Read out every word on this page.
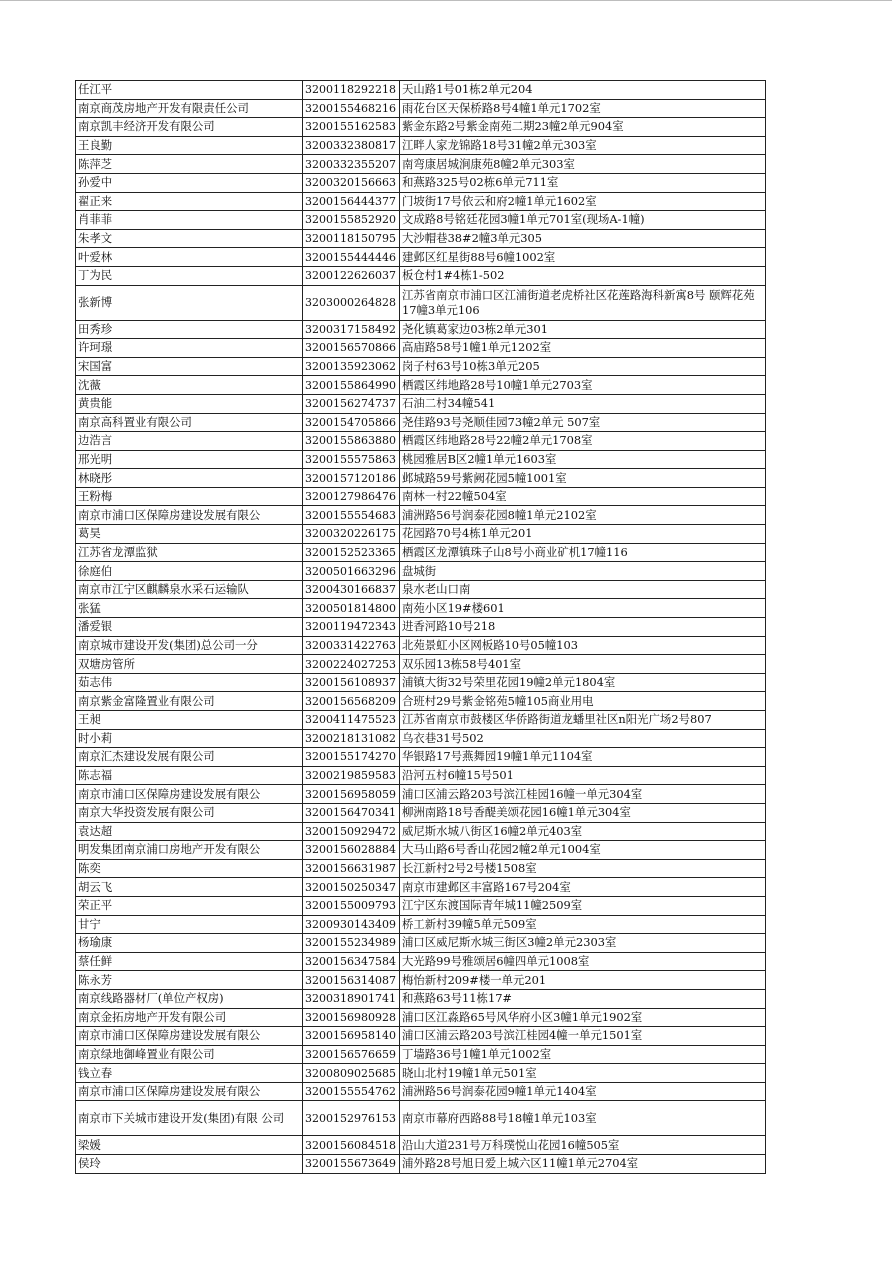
任江平	3200118292218	天山路1号01栋2单元204
南京商茂房地产开发有限责任公司	3200155468216	雨花台区天保桥路8号4幢1单元1702室
南京凯丰经济开发有限公司	3200155162583	紫金东路2号紫金南苑二期23幢2单元904室
王良勤	3200332380817	江畔人家龙锦路18号31幢2单元303室
陈萍芝	3200332355207	南弯康居城涧康苑8幢2单元303室
孙爱中	3200320156663	和燕路325号02栋6单元711室
翟正来	3200156444377	门坡街17号依云和府2幢1单元1602室
肖菲菲	3200155852920	文成路8号铭廷花园3幢1单元701室(现场A-1幢)
朱孝文	3200118150795	大沙帽巷38#2幢3单元305
叶爱林	3200155444446	建邺区红星街88号6幢1002室
丁为民	3200122626037	板仓村1#4栋1-502
张新博	3203000264828	江苏省南京市浦口区江浦街道老虎桥社区花莲路海科新寓8号 颐辉花苑17幢3单元106
田秀珍	3200317158492	尧化镇葛家边03栋2单元301
许珂璟	3200156570866	高庙路58号1幢1单元1202室
宋国富	3200135923062	岗子村63号10栋3单元205
沈薇	3200155864990	栖霞区纬地路28号10幢1单元2703室
黄贵能	3200156274737	石油二村34幢541
南京高科置业有限公司	3200154705866	尧佳路93号尧顺佳园73幢2单元 507室
边浩言	3200155863880	栖霞区纬地路28号22幢2单元1708室
邢光明	3200155575863	桃园雅居B区2幢1单元1603室
林晓彤	3200157120186	邺城路59号紫阙花园5幢1001室
王粉梅	3200127986476	南林一村22幢504室
南京市浦口区保障房建设发展有限公	3200155554683	浦洲路56号润泰花园8幢1单元2102室
葛昊	3200320226175	花园路70号4栋1单元201
江苏省龙潭监狱	3200152523365	栖霞区龙潭镇珠子山8号小商业矿机17幢116
徐庭伯	3200501663296	盘城街
南京市江宁区麒麟泉水采石运输队	3200430166837	泉水老山口南
张猛	3200501814800	南苑小区19#楼601
潘爱银	3200119472343	进香河路10号218
南京城市建设开发(集团)总公司一分	3200331422763	北苑景虹小区网板路10号05幢103
双塘房管所	3200224027253	双乐园13栋58号401室
茹志伟	3200156108937	浦镇大街32号荣里花园19幢2单元1804室
南京紫金富隆置业有限公司	3200156568209	合班村29号紫金铭苑5幢105商业用电
王昶	3200411475523	江苏省南京市鼓楼区华侨路街道龙蟠里社区n阳光广场2号807
时小莉	3200218131082	乌衣巷31号502
南京汇杰建设发展有限公司	3200155174270	华银路17号燕舞园19幢1单元1104室
陈志福	3200219859583	沿河五村6幢15号501
南京市浦口区保障房建设发展有限公	3200156958059	浦口区浦云路203号滨江桂园16幢一单元304室
南京大华投资发展有限公司	3200156470341	柳洲南路18号香醍美颂花园16幢1单元304室
袁达超	3200150929472	威尼斯水城八街区16幢2单元403室
明发集团南京浦口房地产开发有限公	3200156028884	大马山路6号香山花园2幢2单元1004室
陈奕	3200156631987	长江新村2号2号楼1508室
胡云飞	3200150250347	南京市建邺区丰富路167号204室
荣正平	3200155009793	江宁区东渡国际青年城11幢2509室
甘宁	3200930143409	桥工新村39幢5单元509室
杨瑜康	3200155234989	浦口区威尼斯水城三街区3幢2单元2303室
蔡任鲜	3200156347584	大光路99号雅颂居6幢四单元1008室
陈永芳	3200156314087	梅怡新村209#楼一单元201
南京线路器材厂(单位产权房)	3200318901741	和燕路63号11栋17#
南京金拓房地产开发有限公司	3200156980928	浦口区江淼路65号风华府小区3幢1单元1902室
南京市浦口区保障房建设发展有限公	3200156958140	浦口区浦云路203号滨江桂园4幢一单元1501室
南京绿地御峰置业有限公司	3200156576659	丁墙路36号1幢1单元1002室
钱立春	3200809025685	晓山北村19幢1单元501室
南京市浦口区保障房建设发展有限公	3200155554762	浦洲路56号润泰花园9幢1单元1404室
南京市下关城市建设开发(集团)有限 公司	3200152976153	南京市幕府西路88号18幢1单元103室
梁媛	3200156084518	沿山大道231号万科璞悦山花园16幢505室
侯玲	3200155673649	浦外路28号旭日爱上城六区11幢1单元2704室
